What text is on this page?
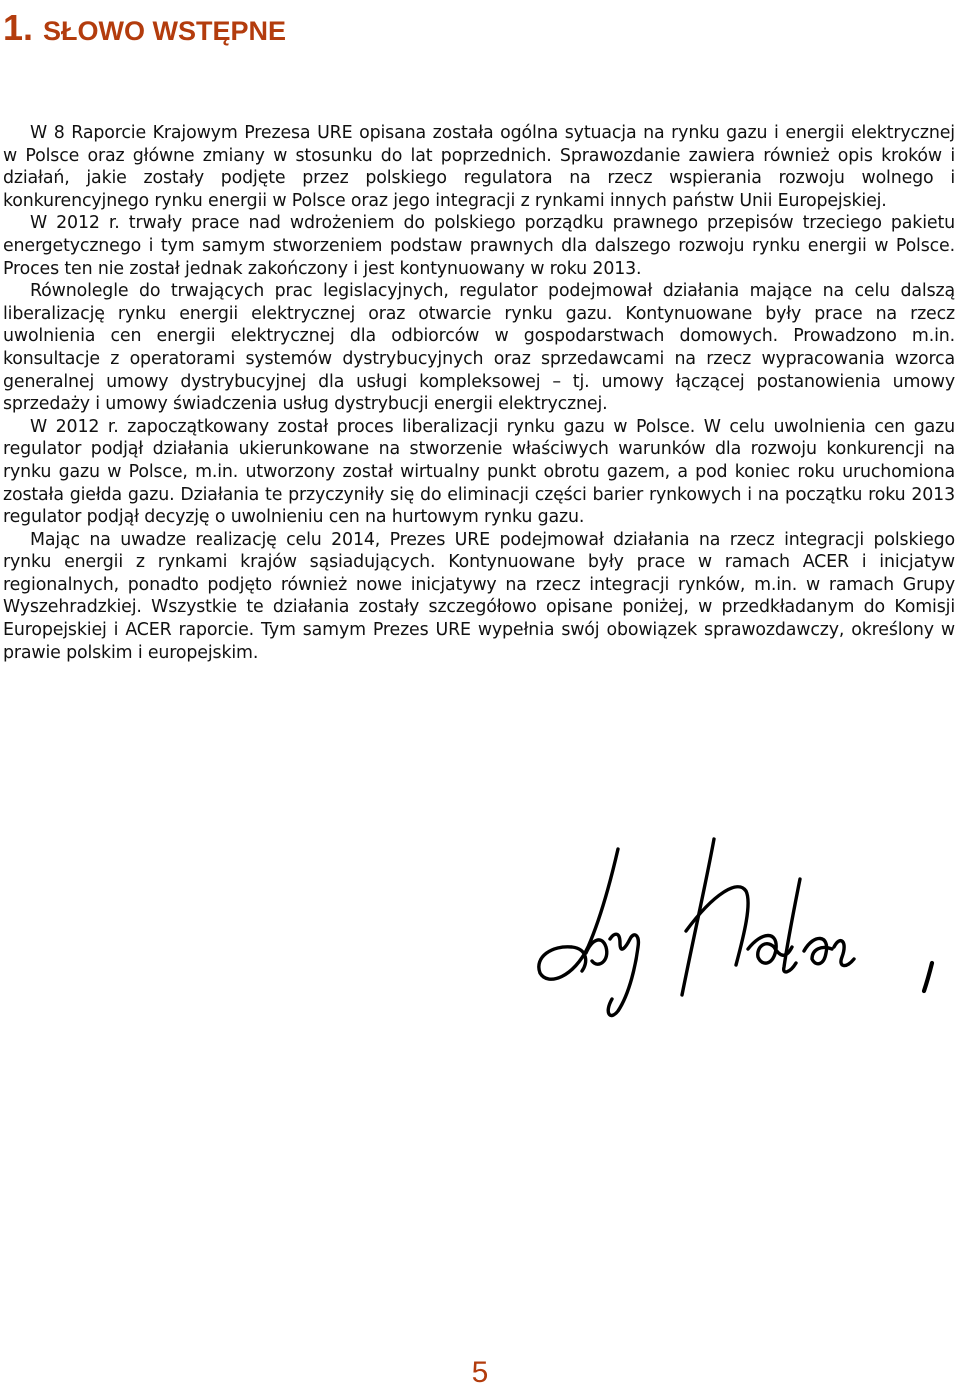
1. SŁOWO WSTĘPNE

W 8 Raporcie Krajowym Prezesa URE opisana została ogólna sytuacja na rynku gazu i energii elektrycznej w Polsce oraz główne zmiany w stosunku do lat poprzednich. Sprawozdanie zawiera również opis kroków i działań, jakie zostały podjęte przez polskiego regulatora na rzecz wspierania rozwoju wolnego i konkurencyjnego rynku energii w Polsce oraz jego integracji z rynkami innych państw Unii Europejskiej.

W 2012 r. trwały prace nad wdrożeniem do polskiego porządku prawnego przepisów trzeciego pakietu energetycznego i tym samym stworzeniem podstaw prawnych dla dalszego rozwoju rynku energii w Polsce. Proces ten nie został jednak zakończony i jest kontynuowany w roku 2013.

Równolegle do trwających prac legislacyjnych, regulator podejmował działania mające na celu dalszą liberalizację rynku energii elektrycznej oraz otwarcie rynku gazu. Kontynuowane były prace na rzecz uwolnienia cen energii elektrycznej dla odbiorców w gospodarstwach domowych. Prowadzono m.in. konsultacje z operatorami systemów dystrybucyjnych oraz sprzedawcami na rzecz wypracowania wzorca generalnej umowy dystrybucyjnej dla usługi kompleksowej – tj. umowy łączącej postanowienia umowy sprzedaży i umowy świadczenia usług dystrybucji energii elektrycznej.

W 2012 r. zapoczątkowany został proces liberalizacji rynku gazu w Polsce. W celu uwolnienia cen gazu regulator podjął działania ukierunkowane na stworzenie właściwych warunków dla rozwoju konkurencji na rynku gazu w Polsce, m.in. utworzony został wirtualny punkt obrotu gazem, a pod koniec roku uruchomiona została giełda gazu. Działania te przyczyniły się do eliminacji części barier rynkowych i na początku roku 2013 regulator podjął decyzję o uwolnieniu cen na hurtowym rynku gazu.

Mając na uwadze realizację celu 2014, Prezes URE podejmował działania na rzecz integracji polskiego rynku energii z rynkami krajów sąsiadujących. Kontynuowane były prace w ramach ACER i inicjatyw regionalnych, ponadto podjęto również nowe inicjatywy na rzecz integracji rynków, m.in. w ramach Grupy Wyszehradzkiej. Wszystkie te działania zostały szczegółowo opisane poniżej, w przedkładanym do Komisji Europejskiej i ACER raporcie. Tym samym Prezes URE wypełnia swój obowiązek sprawozdawczy, określony w prawie polskim i europejskim.

5
